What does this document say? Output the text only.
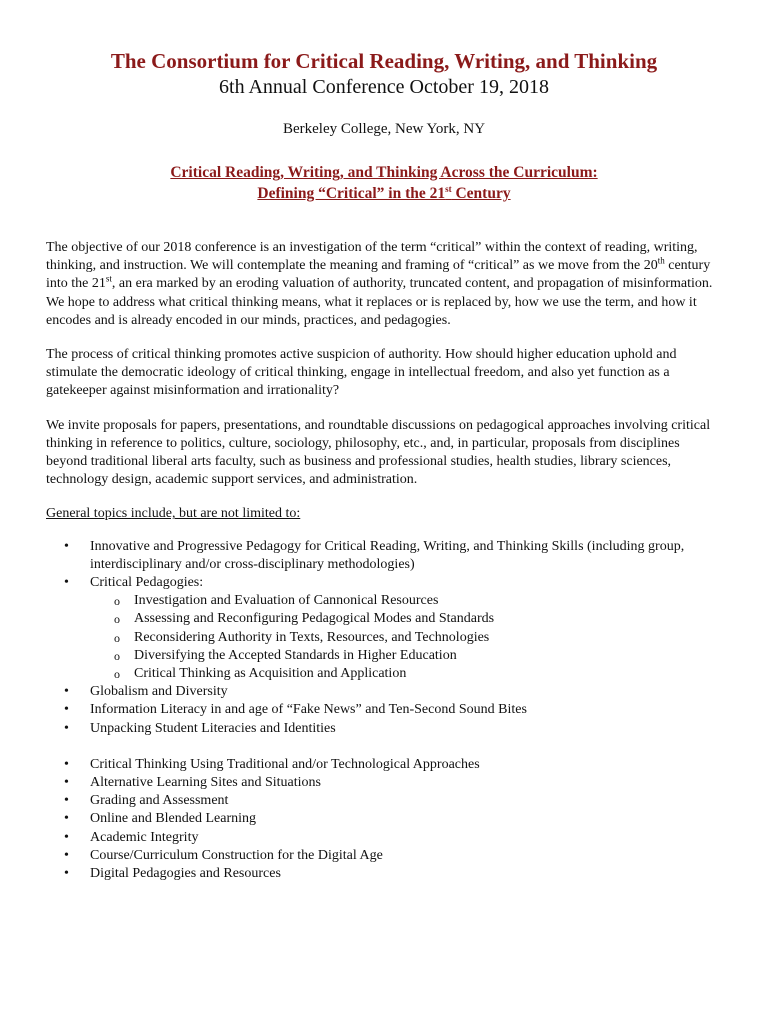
The Consortium for Critical Reading, Writing, and Thinking
6th Annual Conference October 19, 2018
Berkeley College, New York, NY
Critical Reading, Writing, and Thinking Across the Curriculum:
Defining “Critical” in the 21st Century

The objective of our 2018 conference is an investigation of the term “critical” within the context of reading, writing, thinking, and instruction. We will contemplate the meaning and framing of “critical” as we move from the 20th century into the 21st, an era marked by an eroding valuation of authority, truncated content, and propagation of misinformation. We hope to address what critical thinking means, what it replaces or is replaced by, how we use the term, and how it encodes and is already encoded in our minds, practices, and pedagogies.

The process of critical thinking promotes active suspicion of authority. How should higher education uphold and stimulate the democratic ideology of critical thinking, engage in intellectual freedom, and also yet function as a gatekeeper against misinformation and irrationality?

We invite proposals for papers, presentations, and roundtable discussions on pedagogical approaches involving critical thinking in reference to politics, culture, sociology, philosophy, etc., and, in particular, proposals from disciplines beyond traditional liberal arts faculty, such as business and professional studies, health studies, library sciences, technology design, academic support services, and administration.

General topics include, but are not limited to:
• Innovative and Progressive Pedagogy for Critical Reading, Writing, and Thinking Skills (including group, interdisciplinary and/or cross-disciplinary methodologies)
• Critical Pedagogies:
o Investigation and Evaluation of Cannonical Resources
o Assessing and Reconfiguring Pedagogical Modes and Standards
o Reconsidering Authority in Texts, Resources, and Technologies
o Diversifying the Accepted Standards in Higher Education
o Critical Thinking as Acquisition and Application
• Globalism and Diversity
• Information Literacy in and age of “Fake News” and Ten-Second Sound Bites
• Unpacking Student Literacies and Identities
• Critical Thinking Using Traditional and/or Technological Approaches
• Alternative Learning Sites and Situations
• Grading and Assessment
• Online and Blended Learning
• Academic Integrity
• Course/Curriculum Construction for the Digital Age
• Digital Pedagogies and Resources
